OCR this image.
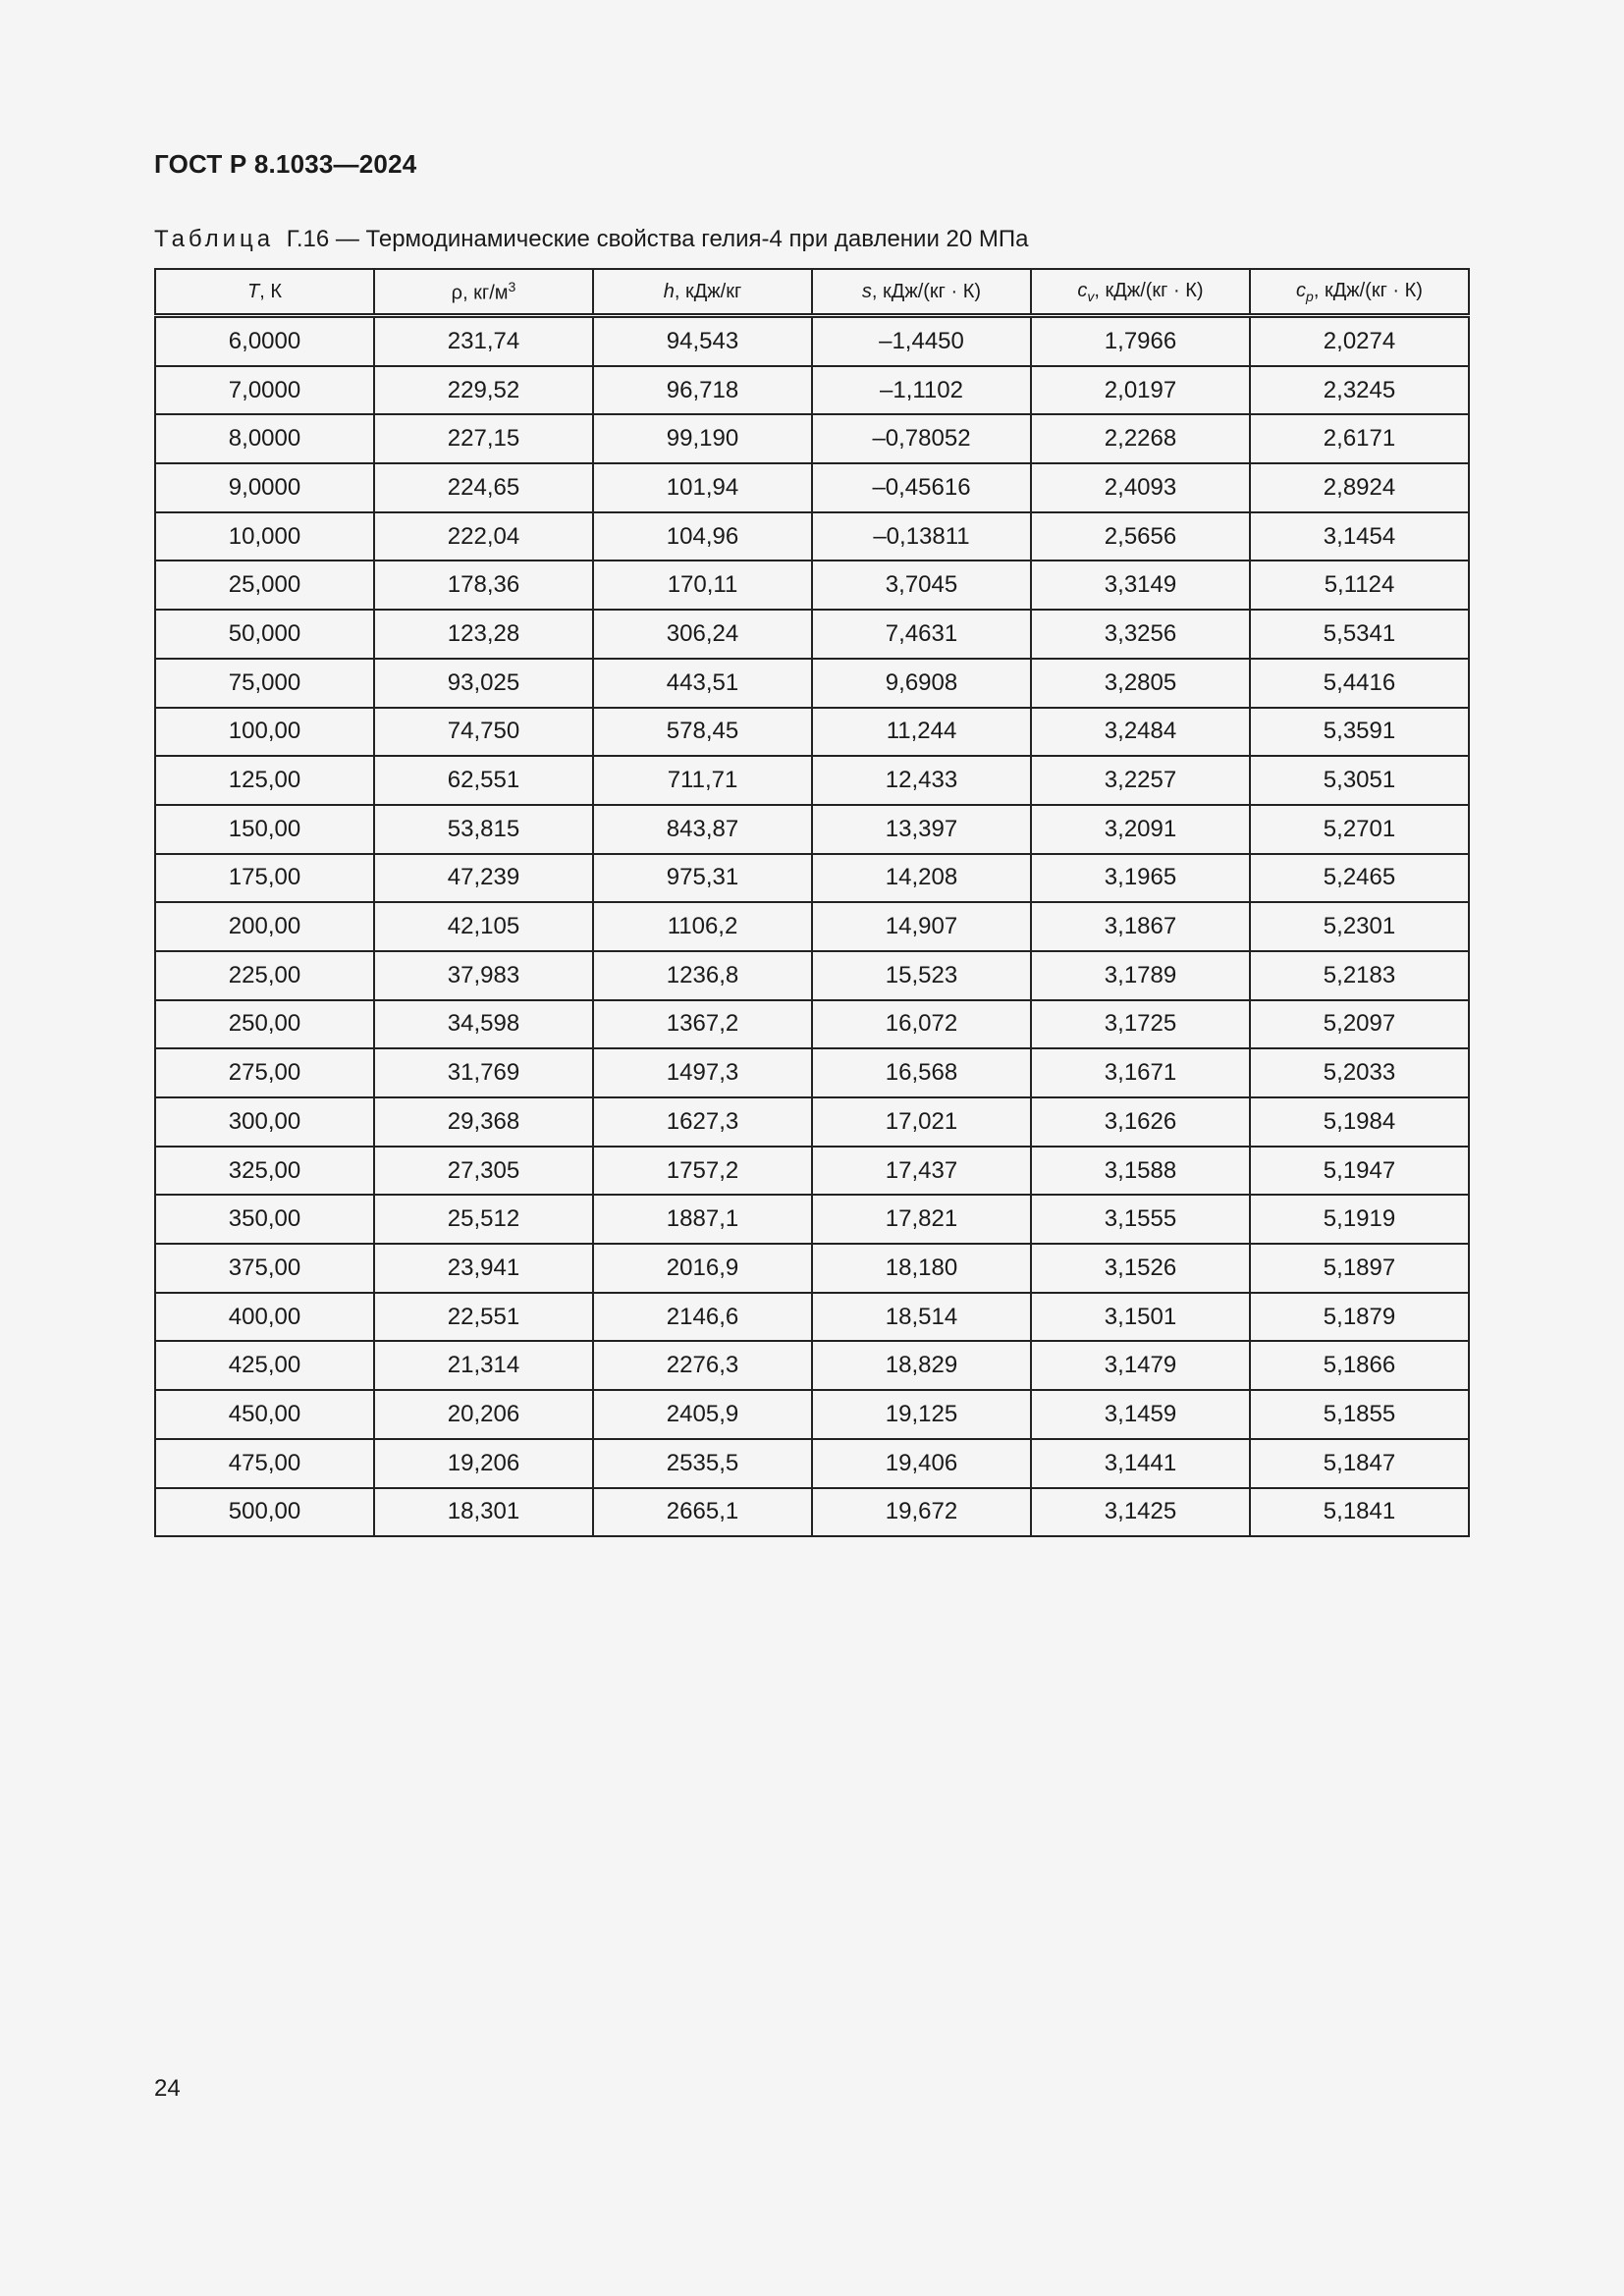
ГОСТ Р 8.1033—2024
Таблица Г.16 — Термодинамические свойства гелия-4 при давлении 20 МПа
T, К	ρ, $кг/м^3$	h, кДж/кг	s, кДж/(кг · К)	$c_v$, кДж/(кг · К)	$c_p$, кДж/(кг · К)
6,0000	231,74	94,543	–1,4450	1,7966	2,0274
7,0000	229,52	96,718	–1,1102	2,0197	2,3245
8,0000	227,15	99,190	–0,78052	2,2268	2,6171
9,0000	224,65	101,94	–0,45616	2,4093	2,8924
10,000	222,04	104,96	–0,13811	2,5656	3,1454
25,000	178,36	170,11	3,7045	3,3149	5,1124
50,000	123,28	306,24	7,4631	3,3256	5,5341
75,000	93,025	443,51	9,6908	3,2805	5,4416
100,00	74,750	578,45	11,244	3,2484	5,3591
125,00	62,551	711,71	12,433	3,2257	5,3051
150,00	53,815	843,87	13,397	3,2091	5,2701
175,00	47,239	975,31	14,208	3,1965	5,2465
200,00	42,105	1106,2	14,907	3,1867	5,2301
225,00	37,983	1236,8	15,523	3,1789	5,2183
250,00	34,598	1367,2	16,072	3,1725	5,2097
275,00	31,769	1497,3	16,568	3,1671	5,2033
300,00	29,368	1627,3	17,021	3,1626	5,1984
325,00	27,305	1757,2	17,437	3,1588	5,1947
350,00	25,512	1887,1	17,821	3,1555	5,1919
375,00	23,941	2016,9	18,180	3,1526	5,1897
400,00	22,551	2146,6	18,514	3,1501	5,1879
425,00	21,314	2276,3	18,829	3,1479	5,1866
450,00	20,206	2405,9	19,125	3,1459	5,1855
475,00	19,206	2535,5	19,406	3,1441	5,1847
500,00	18,301	2665,1	19,672	3,1425	5,1841
24
